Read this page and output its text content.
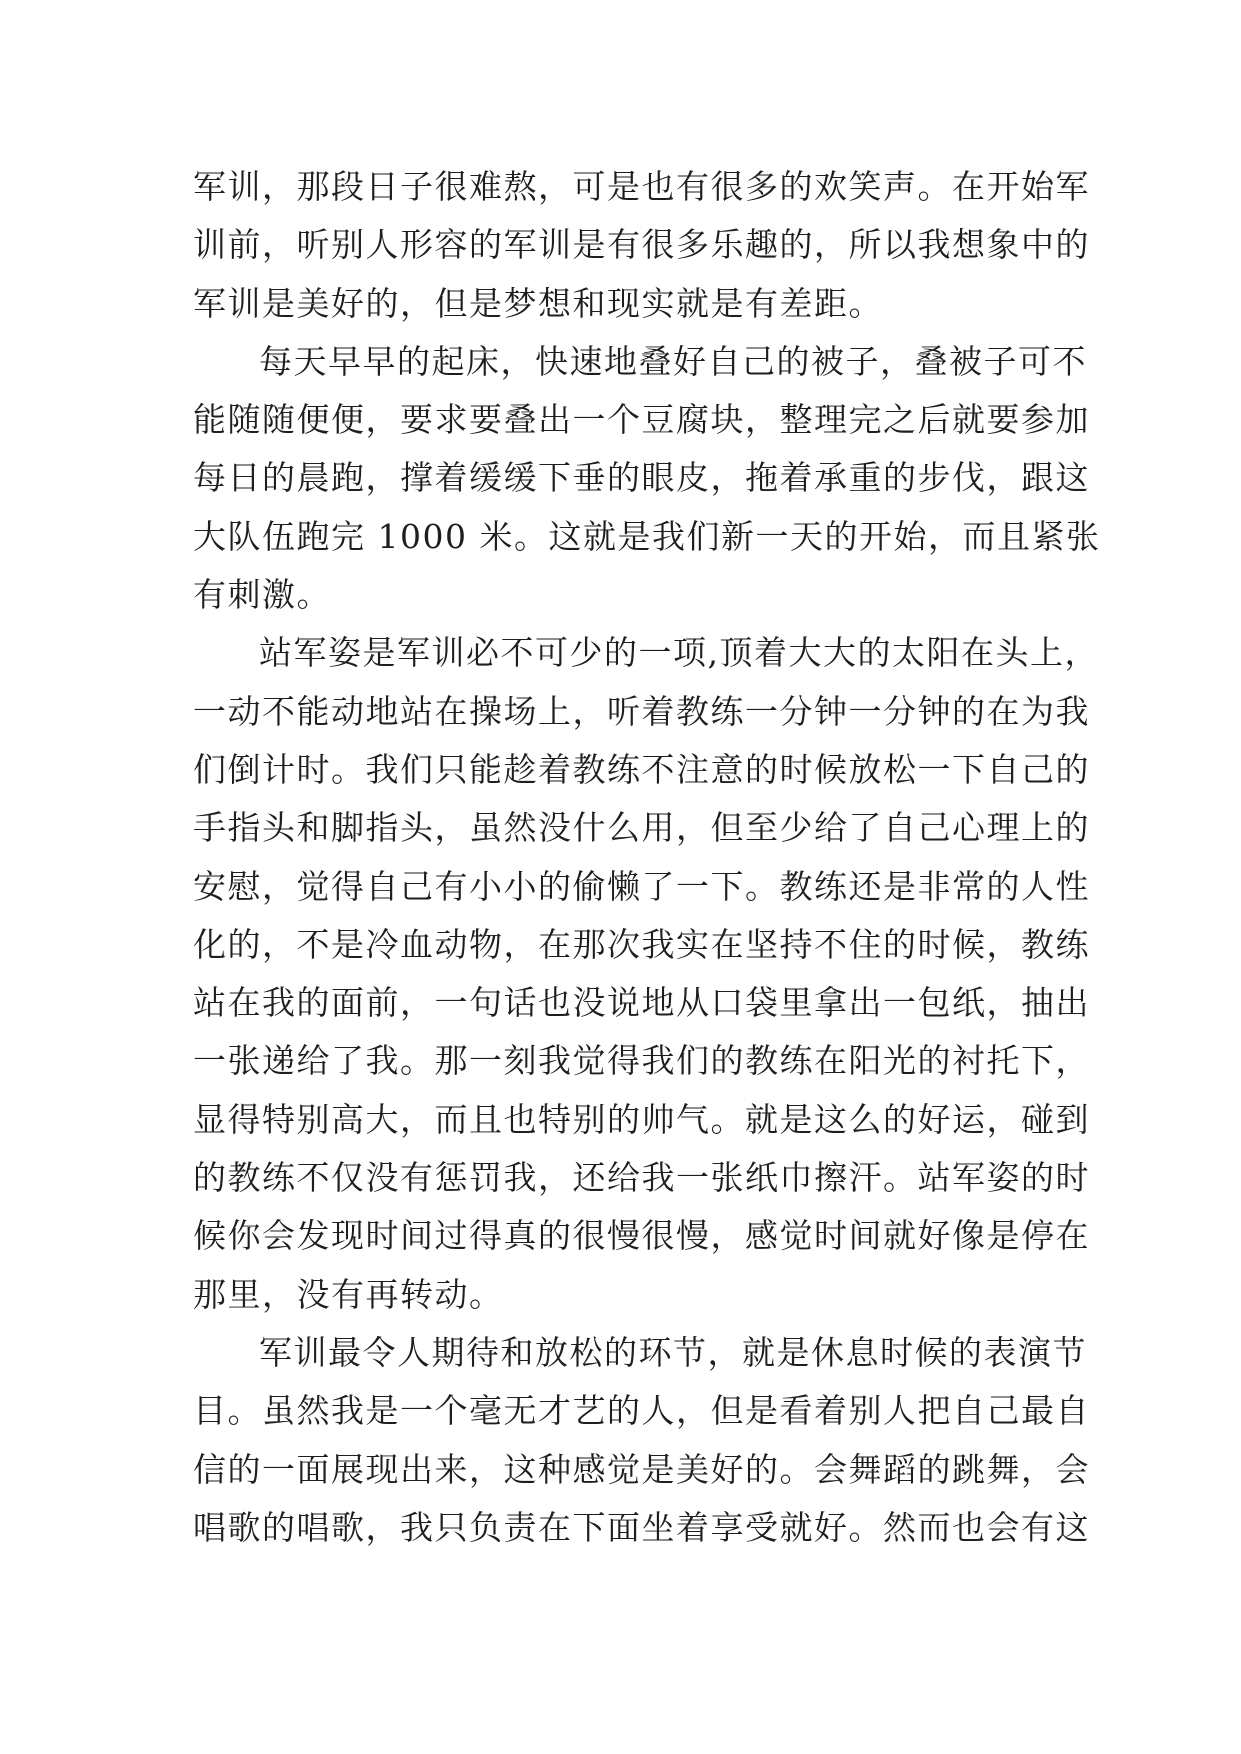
军训，那段日子很难熬，可是也有很多的欢笑声。在开始军
训前，听别人形容的军训是有很多乐趣的，所以我想象中的
军训是美好的，但是梦想和现实就是有差距。
每天早早的起床，快速地叠好自己的被子，叠被子可不
能随随便便，要求要叠出一个豆腐块，整理完之后就要参加
每日的晨跑，撑着缓缓下垂的眼皮，拖着承重的步伐，跟这
大队伍跑完 1000 米。这就是我们新一天的开始，而且紧张
有刺激。
站军姿是军训必不可少的一项,顶着大大的太阳在头上，
一动不能动地站在操场上，听着教练一分钟一分钟的在为我
们倒计时。我们只能趁着教练不注意的时候放松一下自己的
手指头和脚指头，虽然没什么用，但至少给了自己心理上的
安慰，觉得自己有小小的偷懒了一下。教练还是非常的人性
化的，不是冷血动物，在那次我实在坚持不住的时候，教练
站在我的面前，一句话也没说地从口袋里拿出一包纸，抽出
一张递给了我。那一刻我觉得我们的教练在阳光的衬托下，
显得特别高大，而且也特别的帅气。就是这么的好运，碰到
的教练不仅没有惩罚我，还给我一张纸巾擦汗。站军姿的时
候你会发现时间过得真的很慢很慢，感觉时间就好像是停在
那里，没有再转动。
军训最令人期待和放松的环节，就是休息时候的表演节
目。虽然我是一个毫无才艺的人，但是看着别人把自己最自
信的一面展现出来，这种感觉是美好的。会舞蹈的跳舞，会
唱歌的唱歌，我只负责在下面坐着享受就好。然而也会有这
